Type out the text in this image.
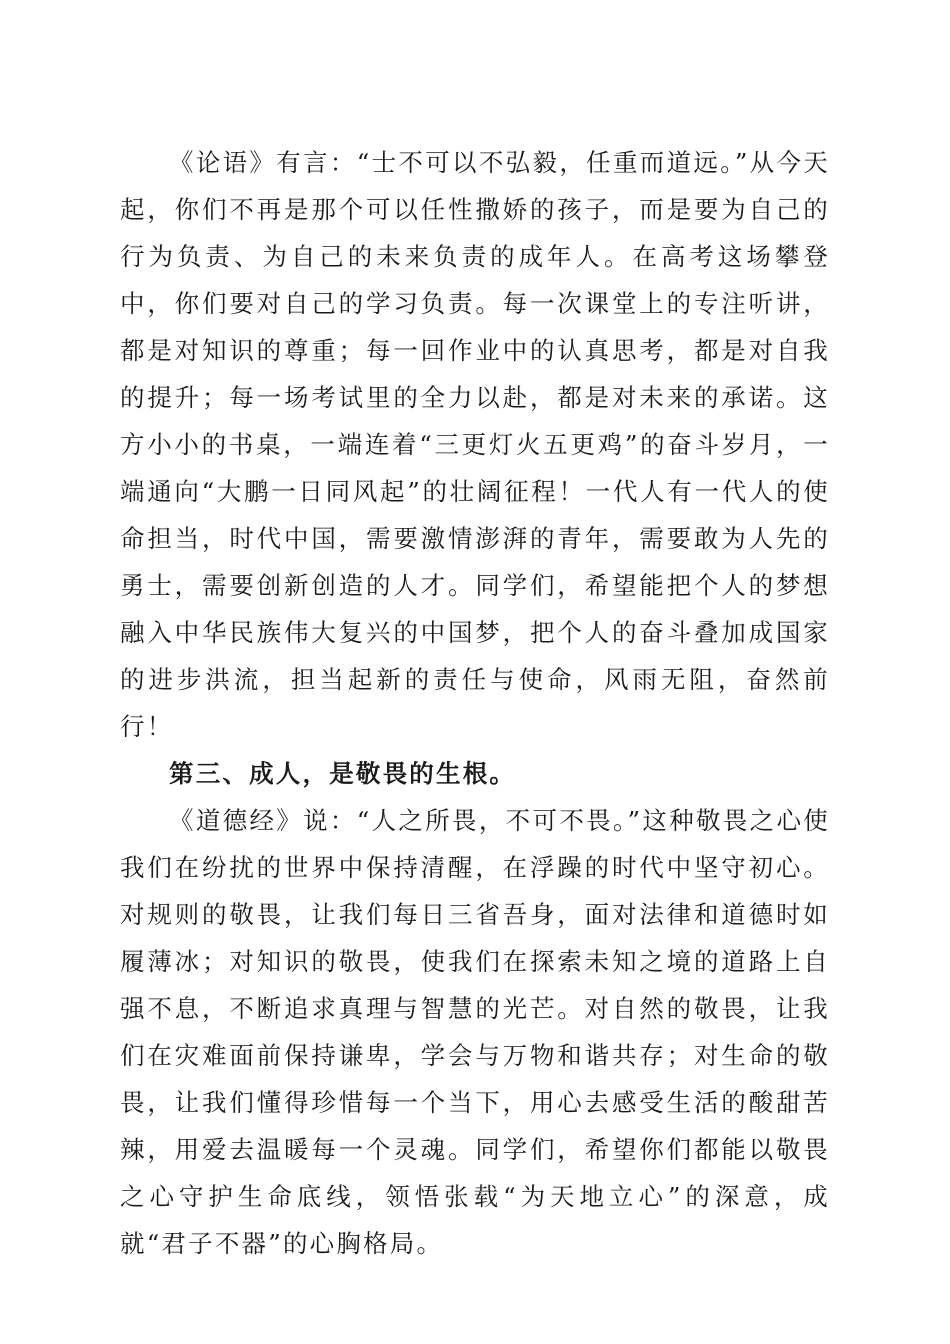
《论语》有言：“士不可以不弘毅，任重而道远。”从今天起，你们不再是那个可以任性撒娇的孩子，而是要为自己的行为负责、为自己的未来负责的成年人。在高考这场攀登中，你们要对自己的学习负责。每一次课堂上的专注听讲，都是对知识的尊重；每一回作业中的认真思考，都是对自我的提升；每一场考试里的全力以赴，都是对未来的承诺。这方小小的书桌，一端连着“三更灯火五更鸡”的奋斗岁月，一端通向“大鹏一日同风起”的壮阔征程！一代人有一代人的使命担当，时代中国，需要激情澎湃的青年，需要敢为人先的勇士，需要创新创造的人才。同学们，希望能把个人的梦想融入中华民族伟大复兴的中国梦，把个人的奋斗叠加成国家的进步洪流，担当起新的责任与使命，风雨无阻，奋然前行！

第三、成人，是敬畏的生根。

《道德经》说：“人之所畏，不可不畏。”这种敬畏之心使我们在纷扰的世界中保持清醒，在浮躁的时代中坚守初心。对规则的敬畏，让我们每日三省吾身，面对法律和道德时如履薄冰；对知识的敬畏，使我们在探索未知之境的道路上自强不息，不断追求真理与智慧的光芒。对自然的敬畏，让我们在灾难面前保持谦卑，学会与万物和谐共存；对生命的敬畏，让我们懂得珍惜每一个当下，用心去感受生活的酸甜苦辣，用爱去温暖每一个灵魂。同学们，希望你们都能以敬畏之心守护生命底线，领悟张载“为天地立心”的深意，成就“君子不器”的心胸格局。
